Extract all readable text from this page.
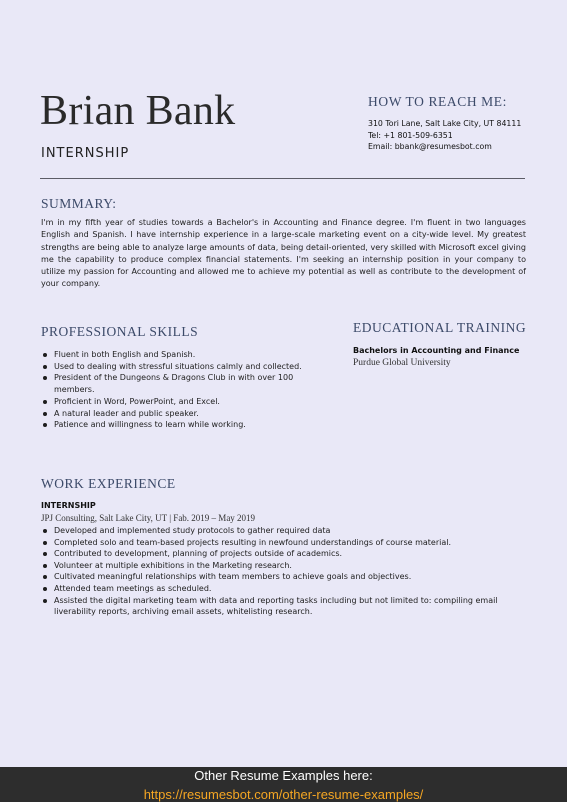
Brian Bank
INTERNSHIP
HOW TO REACH ME:
310 Tori Lane, Salt Lake City, UT 84111
Tel: +1 801-509-6351
Email: bbank@resumesbot.com
SUMMARY:

I'm in my fifth year of studies towards a Bachelor's in Accounting and Finance degree. I'm fluent in two languages English and Spanish. I have internship experience in a large-scale marketing event on a city-wide level. My greatest strengths are being able to analyze large amounts of data, being detail-oriented, very skilled with Microsoft excel giving me the capability to produce complex financial statements. I'm seeking an internship position in your company to utilize my passion for Accounting and allowed me to achieve my potential as well as contribute to the development of your company.

PROFESSIONAL SKILLS
Fluent in both English and Spanish.
Used to dealing with stressful situations calmly and collected.
President of the Dungeons & Dragons Club in with over 100 members.
Proficient in Word, PowerPoint, and Excel.
A natural leader and public speaker.
Patience and willingness to learn while working.
EDUCATIONAL TRAINING
Bachelors in Accounting and Finance
Purdue Global University
WORK EXPERIENCE
INTERNSHIP
JPJ Consulting, Salt Lake City, UT | Fab. 2019 – May 2019
Developed and implemented study protocols to gather required data
Completed solo and team-based projects resulting in newfound understandings of course material.
Contributed to development, planning of projects outside of academics.
Volunteer at multiple exhibitions in the Marketing research.
Cultivated meaningful relationships with team members to achieve goals and objectives.
Attended team meetings as scheduled.
Assisted the digital marketing team with data and reporting tasks including but not limited to: compiling email liverability reports, archiving email assets, whitelisting research.
Other Resume Examples here:
https://resumesbot.com/other-resume-examples/
